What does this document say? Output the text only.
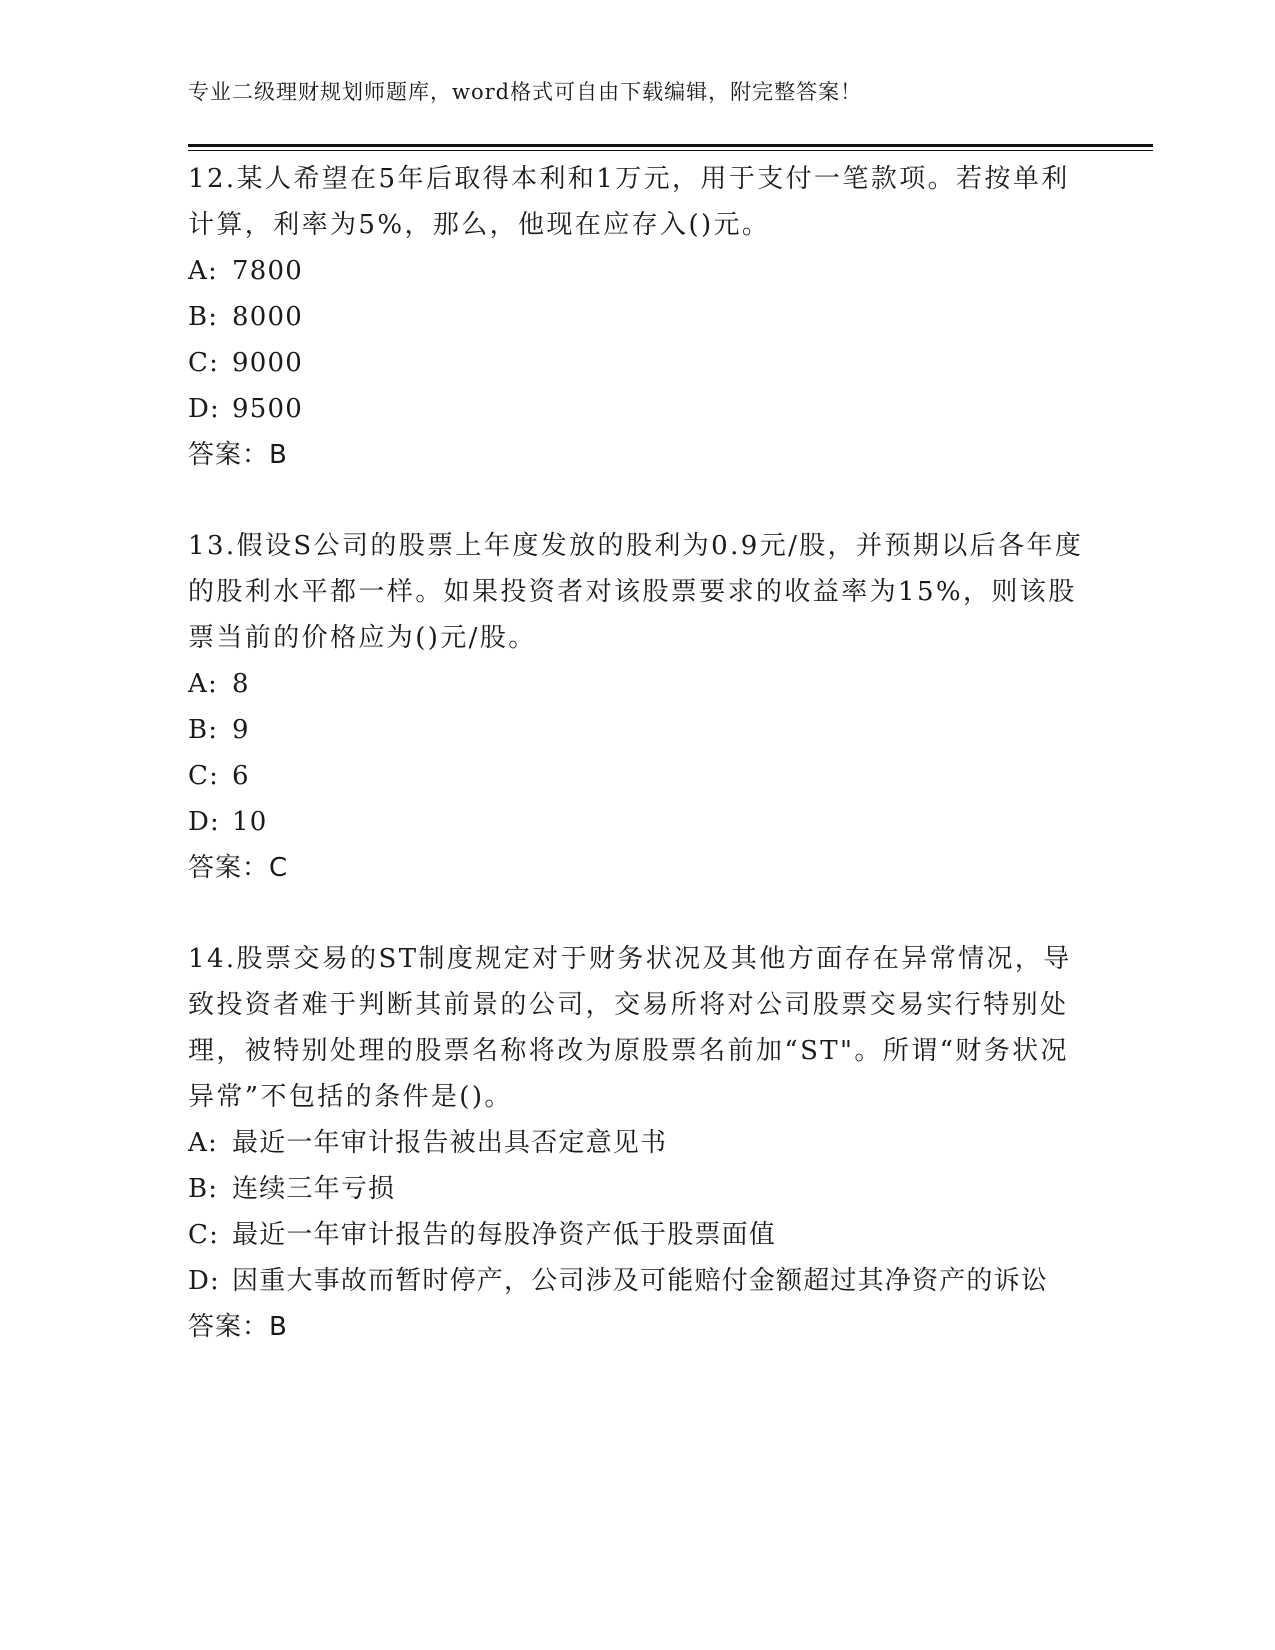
专业二级理财规划师题库，word格式可自由下载编辑，附完整答案！
12.某人希望在5年后取得本利和1万元，用于支付一笔款项。若按单利计算，利率为5%，那么，他现在应存入()元。
A: 7800
B: 8000
C: 9000
D: 9500
答案：B
13.假设S公司的股票上年度发放的股利为0.9元/股，并预期以后各年度的股利水平都一样。如果投资者对该股票要求的收益率为15%，则该股票当前的价格应为()元/股。
A: 8
B: 9
C: 6
D: 10
答案：C
14.股票交易的ST制度规定对于财务状况及其他方面存在异常情况，导致投资者难于判断其前景的公司，交易所将对公司股票交易实行特别处理，被特别处理的股票名称将改为原股票名前加“ST"。所谓“财务状况异常”不包括的条件是()。
A: 最近一年审计报告被出具否定意见书
B: 连续三年亏损
C: 最近一年审计报告的每股净资产低于股票面值
D: 因重大事故而暂时停产，公司涉及可能赔付金额超过其净资产的诉讼
答案：B
